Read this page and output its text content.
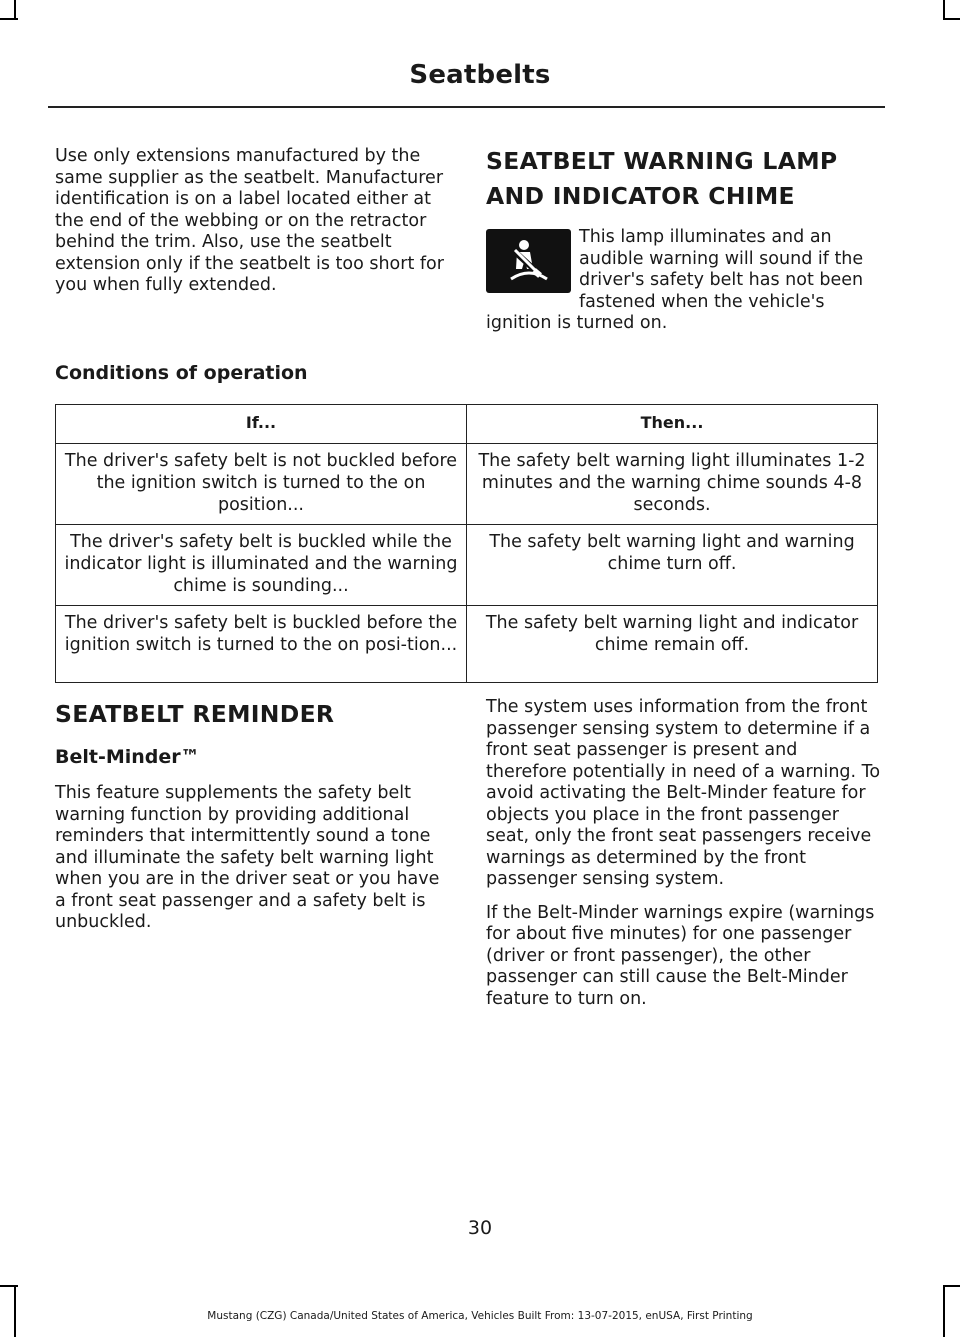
Seatbelts

Use only extensions manufactured by the same supplier as the seatbelt. Manufacturer identification is on a label located either at the end of the webbing or on the retractor behind the trim. Also, use the seatbelt extension only if the seatbelt is too short for you when fully extended.

SEATBELT WARNING LAMP AND INDICATOR CHIME

This lamp illuminates and an audible warning will sound if the driver's safety belt has not been fastened when the vehicle's ignition is turned on.

Conditions of operation
If...	Then...
The driver's safety belt is not buckled before the ignition switch is turned to the on position...	The safety belt warning light illuminates 1-2 minutes and the warning chime sounds 4-8 seconds.
The driver's safety belt is buckled while the indicator light is illuminated and the warning chime is sounding...	The safety belt warning light and warning chime turn off.
The driver's safety belt is buckled before the ignition switch is turned to the on posi-tion...	The safety belt warning light and indicator chime remain off.
SEATBELT REMINDER
Belt-Minder™

This feature supplements the safety belt warning function by providing additional reminders that intermittently sound a tone and illuminate the safety belt warning light when you are in the driver seat or you have a front seat passenger and a safety belt is unbuckled.

The system uses information from the front passenger sensing system to determine if a front seat passenger is present and therefore potentially in need of a warning. To avoid activating the Belt-Minder feature for objects you place in the front passenger seat, only the front seat passengers receive warnings as determined by the front passenger sensing system.

If the Belt-Minder warnings expire (warnings for about five minutes) for one passenger (driver or front passenger), the other passenger can still cause the Belt-Minder feature to turn on.

30
Mustang (CZG) Canada/United States of America, Vehicles Built From: 13-07-2015, enUSA, First Printing
